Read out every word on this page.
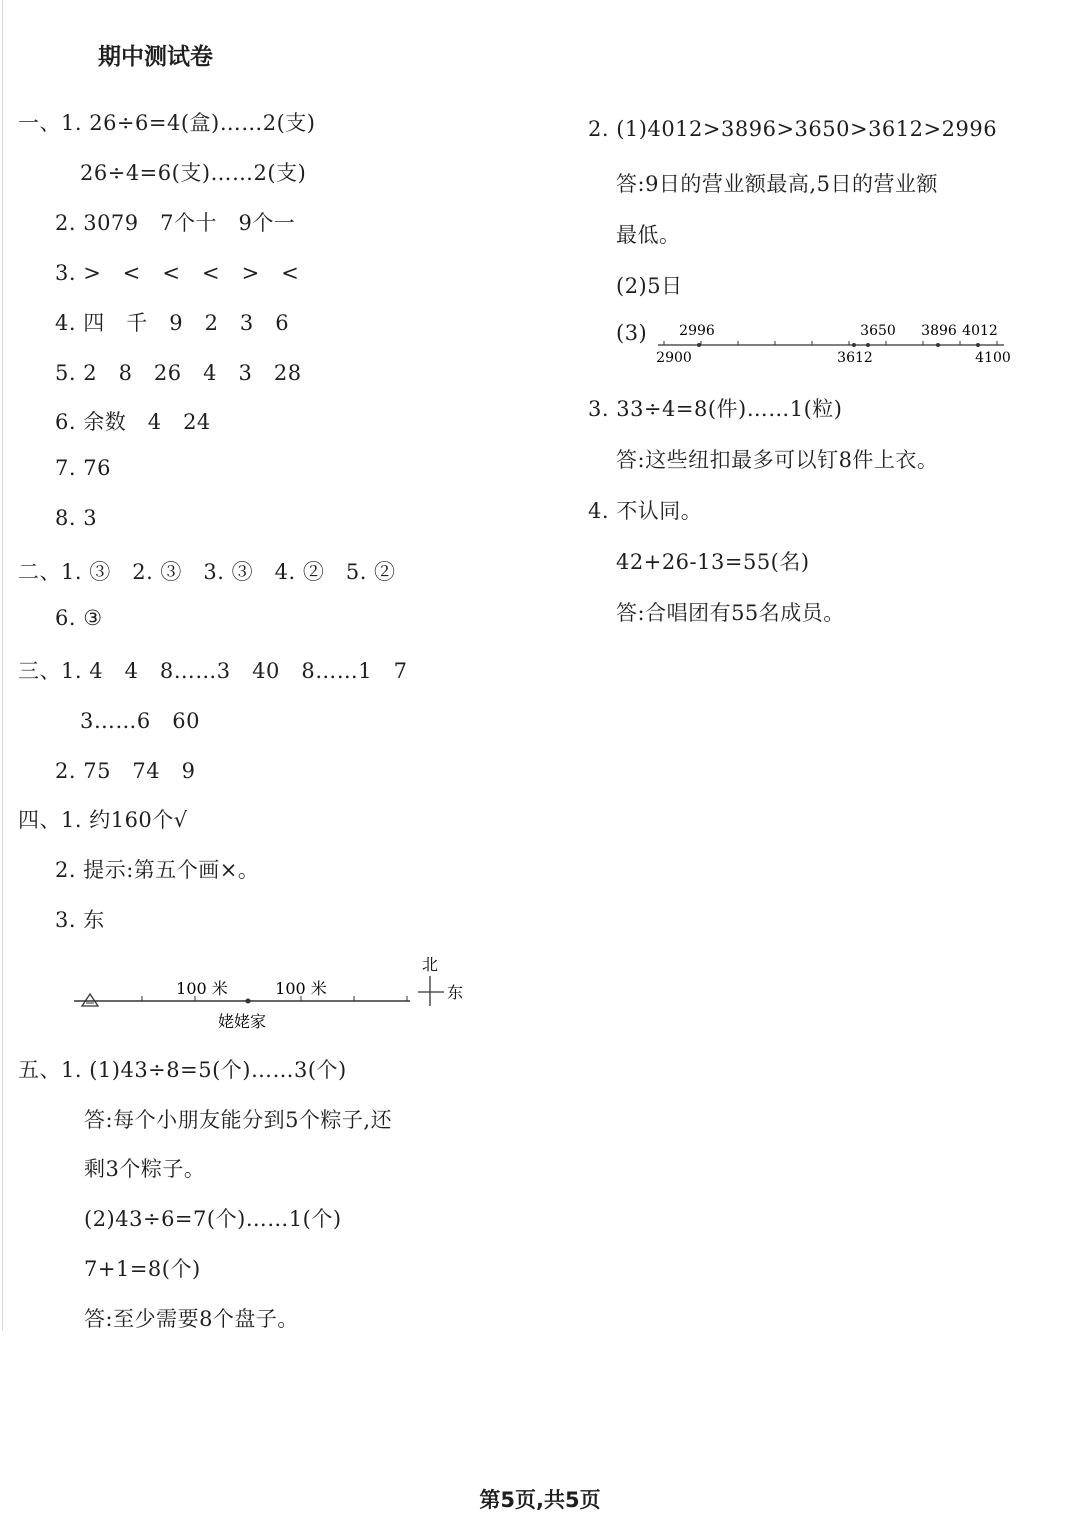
期中测试卷
一、1. 26÷6=4(盒)……2(支)
26÷4=6(支)……2(支)
2. 3079　7个十　9个一
3. >　<　<　<　>　<
4. 四　千　9　2　3　6
5. 2　8　26　4　3　28
6. 余数　4　24
7. 76
8. 3
二、1. ③　2. ③　3. ③　4. ②　5. ②
6. ③
三、1. 4　4　8……3　40　8……1　7
3……6　60
2. 75　74　9
四、1. 约160个√
2. 提示:第五个画×。
3. 东
100 米	100 米
姥姥家
北
东
五、1. (1)43÷8=5(个)……3(个)
答:每个小朋友能分到5个粽子,还
剩3个粽子。
(2)43÷6=7(个)……1(个)
7+1=8(个)
答:至少需要8个盘子。
2. (1)4012>3896>3650>3612>2996
答:9日的营业额最高,5日的营业额
最低。
(2)5日
(3) 2996	3650 3896 4012
2900	3612	4100
3. 33÷4=8(件)……1(粒)
答:这些纽扣最多可以钉8件上衣。
4. 不认同。
42+26-13=55(名)
答:合唱团有55名成员。
第5页,共5页
